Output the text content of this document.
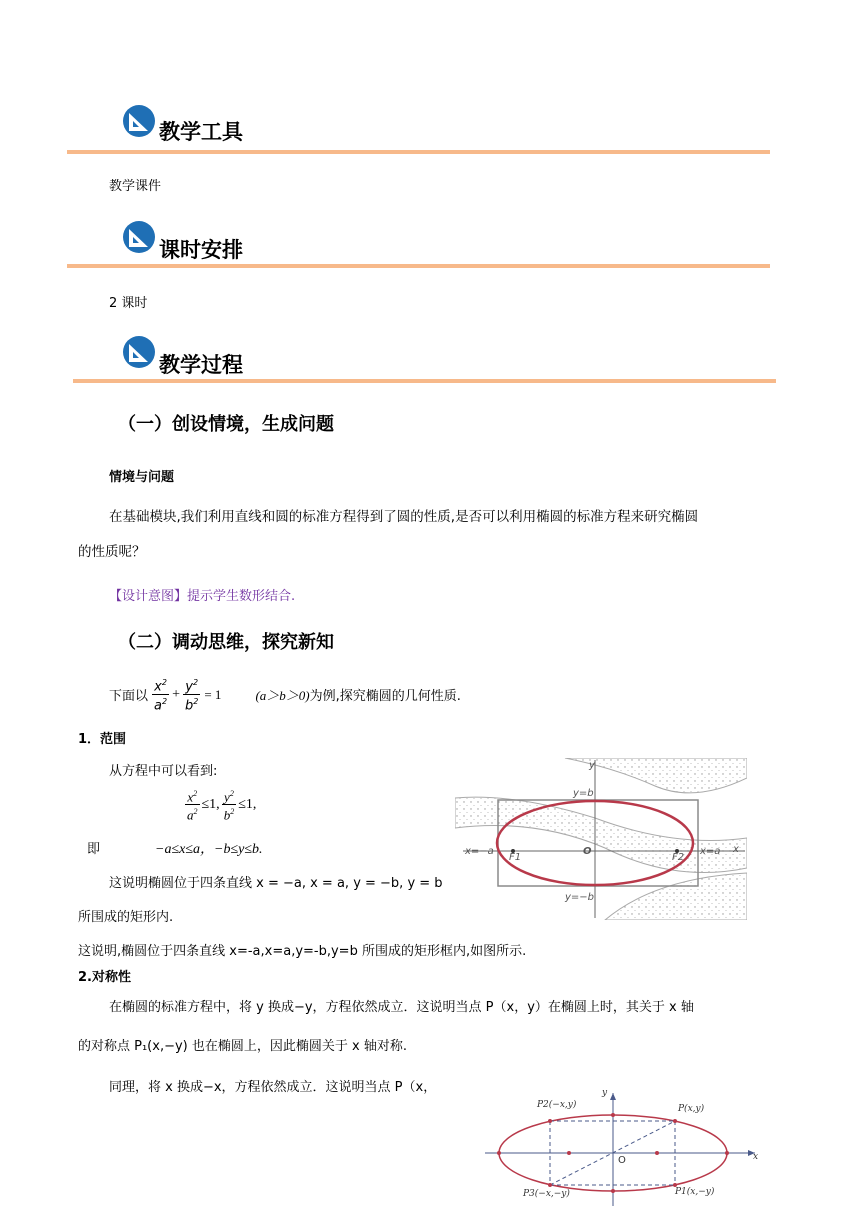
教学工具
教学课件
课时安排
2 课时
教学过程
（一）创设情境，生成问题
情境与问题
在基础模块,我们利用直线和圆的标准方程得到了圆的性质,是否可以利用椭圆的标准方程来研究椭圆
的性质呢？
【设计意图】提示学生数形结合.
（二）调动思维，探究新知
下面以 $\frac{x^2}{a^2} + \frac{y^2}{b^2} = 1$	(a＞b＞0) 为例,探究椭圆的几何性质.
1．范围
从方程中可以看到:
$\frac{x^2}{a^2} \le 1$, $\frac{y^2}{b^2} \le 1$,
即	−a≤x≤a，−b≤y≤b.
这说明椭圆位于四条直线 x = −a, x = a, y = −b, y = b
所围成的矩形内.
这说明,椭圆位于四条直线 x=-a,x=a,y=-b,y=b 所围成的矩形框内,如图所示.
2.对称性
在椭圆的标准方程中，将 y 换成−y，方程依然成立．这说明当点 P（x，y）在椭圆上时，其关于 x 轴
的对称点 P₁(x,−y) 也在椭圆上，因此椭圆关于 x 轴对称.
同理，将 x 换成−x，方程依然成立．这说明当点 P（x，
y
y=b
y=−b
x=−a	x=a
O	x
F1	F2
P(x,y)
P1(x,−y)
P2(−x,y)
P3(−x,−y)
O	x
y
